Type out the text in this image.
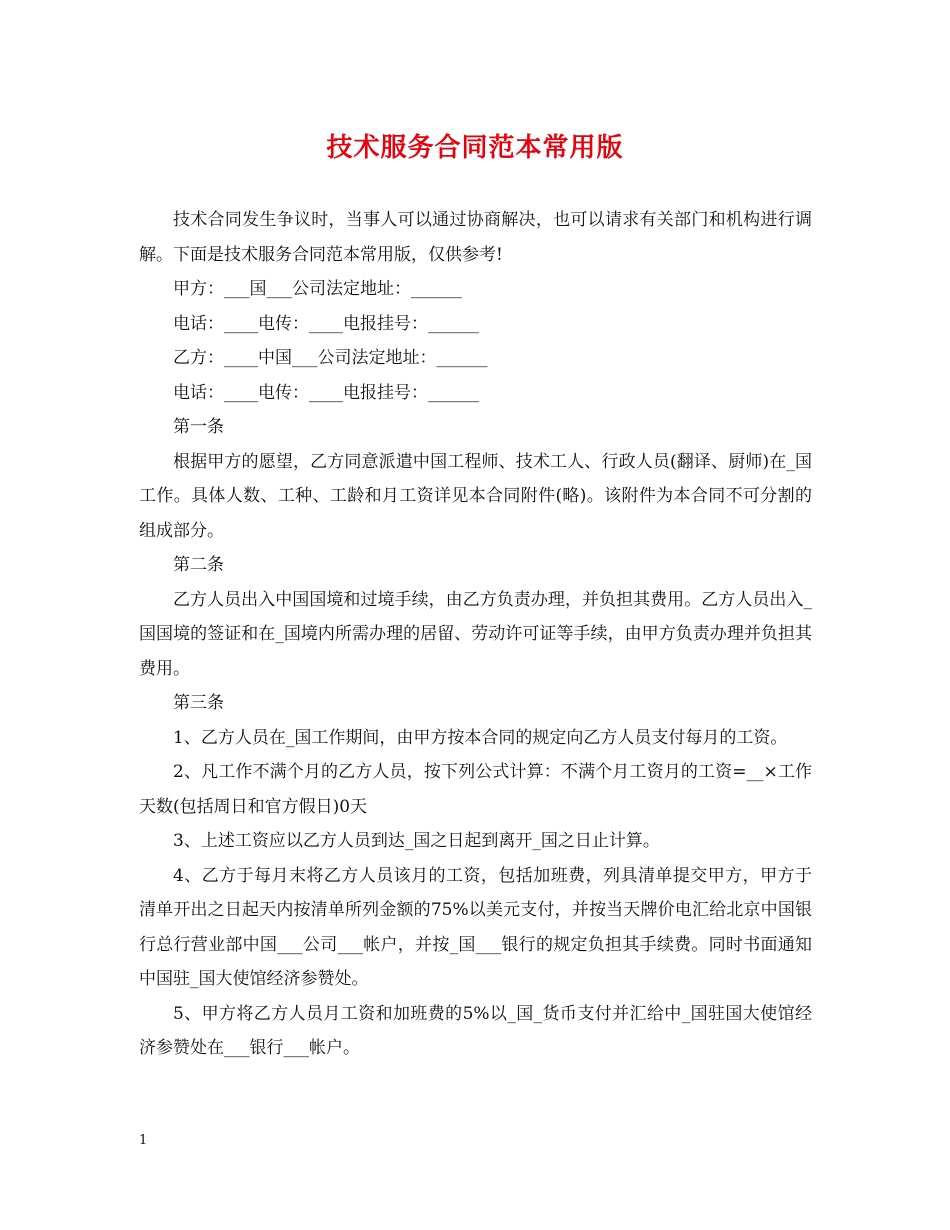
技术服务合同范本常用版

技术合同发生争议时，当事人可以通过协商解决，也可以请求有关部门和机构进行调解。下面是技术服务合同范本常用版，仅供参考!

甲方：___国___公司法定地址：______

电话：____电传：____电报挂号：______

乙方：____中国___公司法定地址：______

电话：____电传：____电报挂号：______

第一条

根据甲方的愿望，乙方同意派遣中国工程师、技术工人、行政人员(翻译、厨师)在_国工作。具体人数、工种、工龄和月工资详见本合同附件(略)。该附件为本合同不可分割的组成部分。

第二条

乙方人员出入中国国境和过境手续，由乙方负责办理，并负担其费用。乙方人员出入_国国境的签证和在_国境内所需办理的居留、劳动许可证等手续，由甲方负责办理并负担其费用。

第三条

1、乙方人员在_国工作期间，由甲方按本合同的规定向乙方人员支付每月的工资。

2、凡工作不满个月的乙方人员，按下列公式计算：不满个月工资月的工资=__×工作天数(包括周日和官方假日)0天

3、上述工资应以乙方人员到达_国之日起到离开_国之日止计算。

4、乙方于每月末将乙方人员该月的工资，包括加班费，列具清单提交甲方，甲方于清单开出之日起天内按清单所列金额的75%以美元支付，并按当天牌价电汇给北京中国银行总行营业部中国___公司___帐户，并按_国___银行的规定负担其手续费。同时书面通知中国驻_国大使馆经济参赞处。

5、甲方将乙方人员月工资和加班费的5%以_国_货币支付并汇给中_国驻国大使馆经济参赞处在___银行___帐户。

1
